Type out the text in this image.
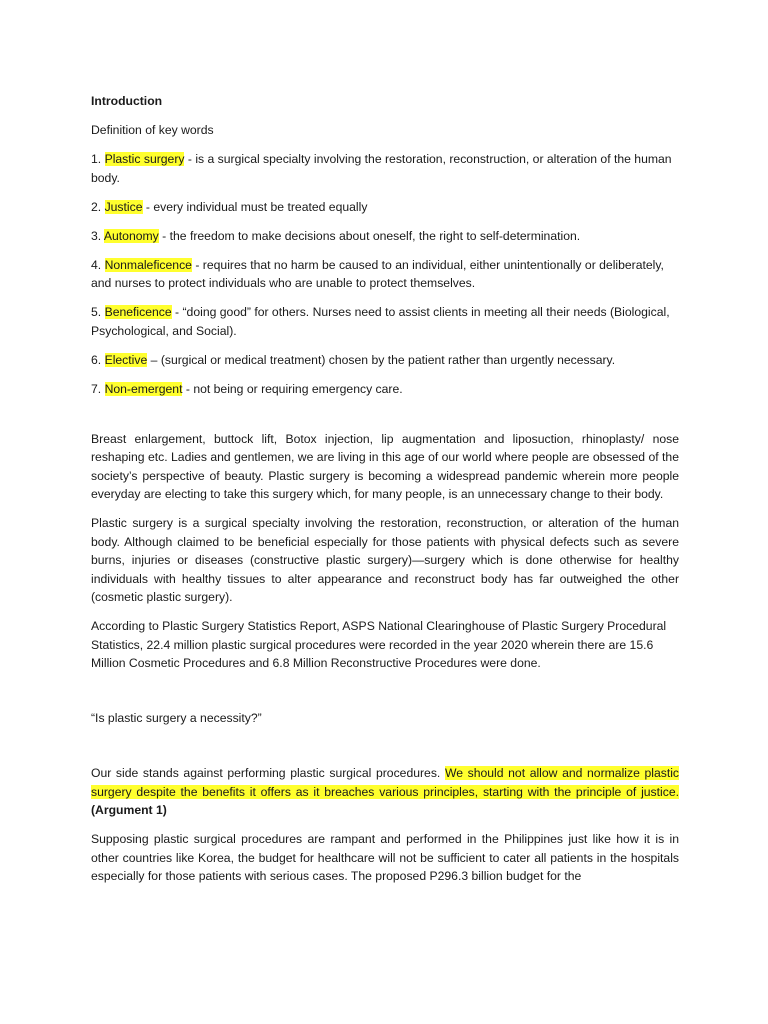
Introduction

Definition of key words

1. Plastic surgery - is a surgical specialty involving the restoration, reconstruction, or alteration of the human body.

2. Justice - every individual must be treated equally

3. Autonomy - the freedom to make decisions about oneself, the right to self-determination.

4. Nonmaleficence - requires that no harm be caused to an individual, either unintentionally or deliberately, and nurses to protect individuals who are unable to protect themselves.

5. Beneficence - “doing good” for others. Nurses need to assist clients in meeting all their needs (Biological, Psychological, and Social).

6. Elective – (surgical or medical treatment) chosen by the patient rather than urgently necessary.

7. Non-emergent - not being or requiring emergency care.

Breast enlargement, buttock lift, Botox injection, lip augmentation and liposuction, rhinoplasty/ nose reshaping etc. Ladies and gentlemen, we are living in this age of our world where people are obsessed of the society’s perspective of beauty. Plastic surgery is becoming a widespread pandemic wherein more people everyday are electing to take this surgery which, for many people, is an unnecessary change to their body.

Plastic surgery is a surgical specialty involving the restoration, reconstruction, or alteration of the human body. Although claimed to be beneficial especially for those patients with physical defects such as severe burns, injuries or diseases (constructive plastic surgery)—surgery which is done otherwise for healthy individuals with healthy tissues to alter appearance and reconstruct body has far outweighed the other (cosmetic plastic surgery).

According to Plastic Surgery Statistics Report, ASPS National Clearinghouse of Plastic Surgery Procedural Statistics, 22.4 million plastic surgical procedures were recorded in the year 2020 wherein there are 15.6 Million Cosmetic Procedures and 6.8 Million Reconstructive Procedures were done.

“Is plastic surgery a necessity?”

Our side stands against performing plastic surgical procedures. We should not allow and normalize plastic surgery despite the benefits it offers as it breaches various principles, starting with the principle of justice. (Argument 1)

Supposing plastic surgical procedures are rampant and performed in the Philippines just like how it is in other countries like Korea, the budget for healthcare will not be sufficient to cater all patients in the hospitals especially for those patients with serious cases. The proposed P296.3 billion budget for the
